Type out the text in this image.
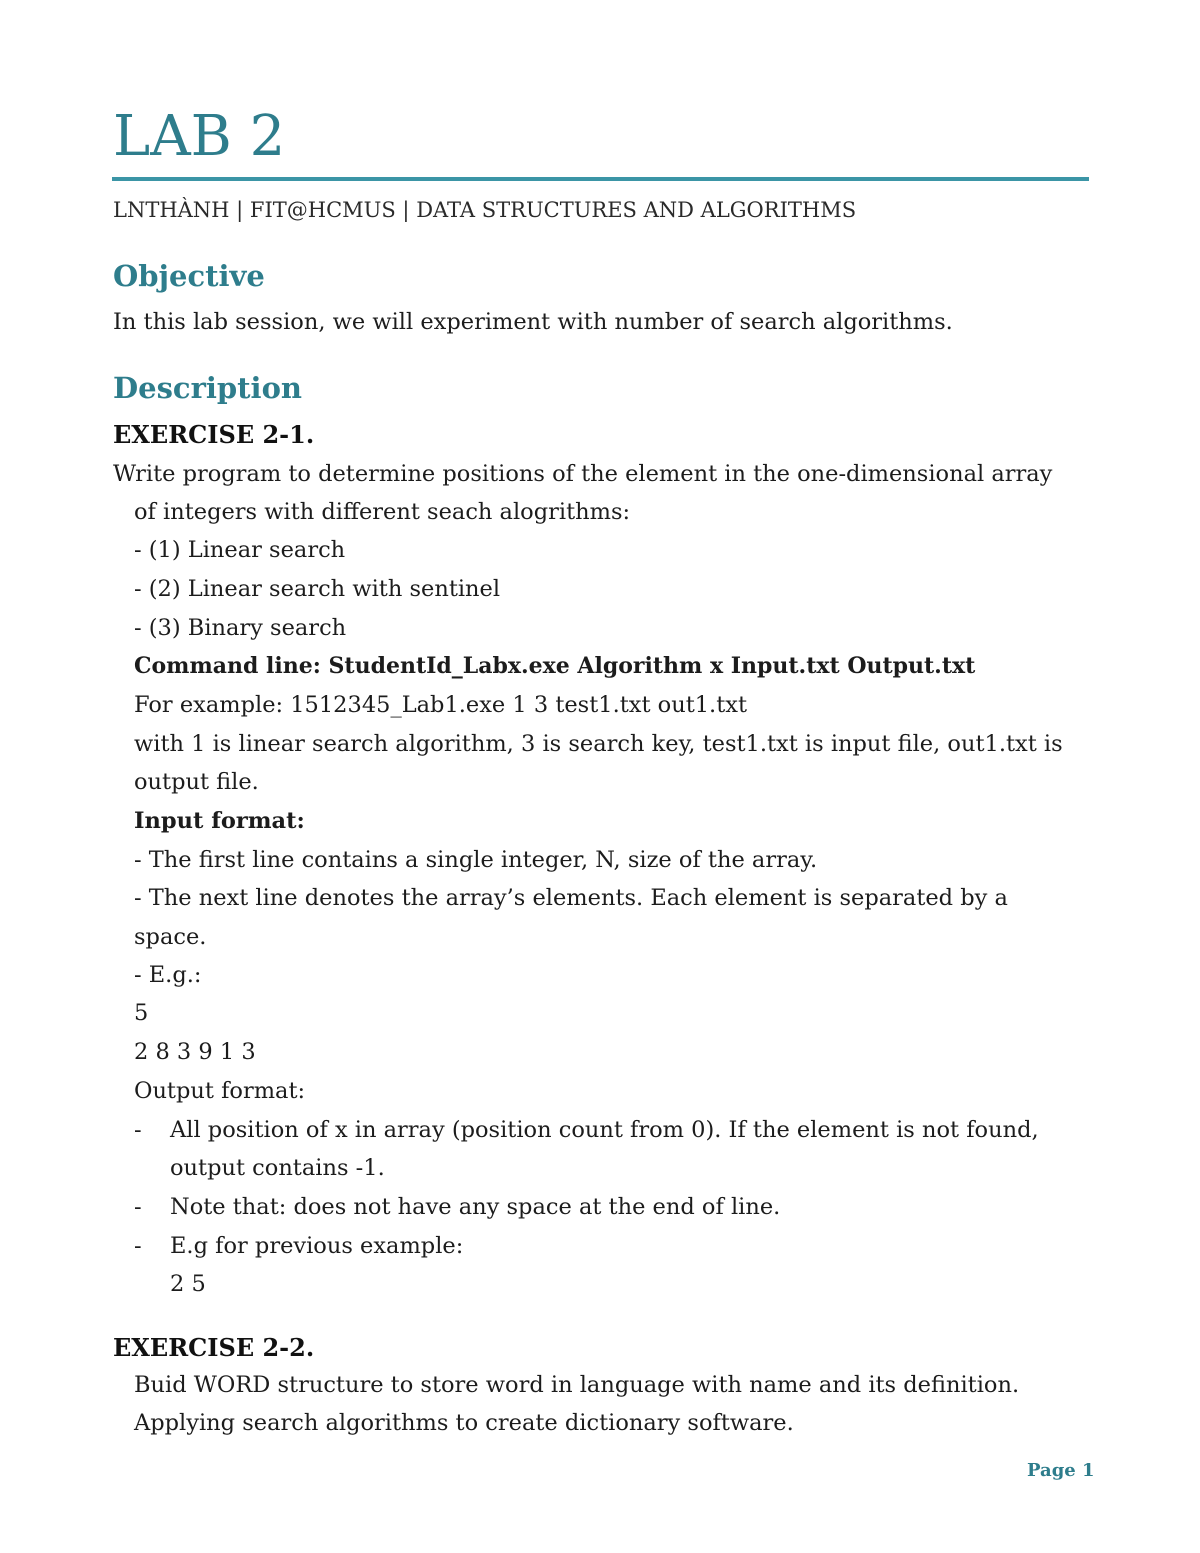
LAB 2
LNTHÀNH | FIT@HCMUS | DATA STRUCTURES AND ALGORITHMS
Objective
In this lab session, we will experiment with number of search algorithms.
Description
EXERCISE 2-1.
Write program to determine positions of the element in the one-dimensional array
of integers with different seach alogrithms:
- (1) Linear search
- (2) Linear search with sentinel
- (3) Binary search
Command line: StudentId_Labx.exe Algorithm x Input.txt Output.txt
For example: 1512345_Lab1.exe 1 3 test1.txt out1.txt
with 1 is linear search algorithm, 3 is search key, test1.txt is input file, out1.txt is
output file.
Input format:
- The first line contains a single integer, N, size of the array.
- The next line denotes the array’s elements. Each element is separated by a
space.
- E.g.:
5
2 8 3 9 1 3
Output format:
- All position of x in array (position count from 0). If the element is not found,
output contains -1.
- Note that: does not have any space at the end of line.
- E.g for previous example:
2 5
EXERCISE 2-2.
Buid WORD structure to store word in language with name and its definition.
Applying search algorithms to create dictionary software.
Page 1
